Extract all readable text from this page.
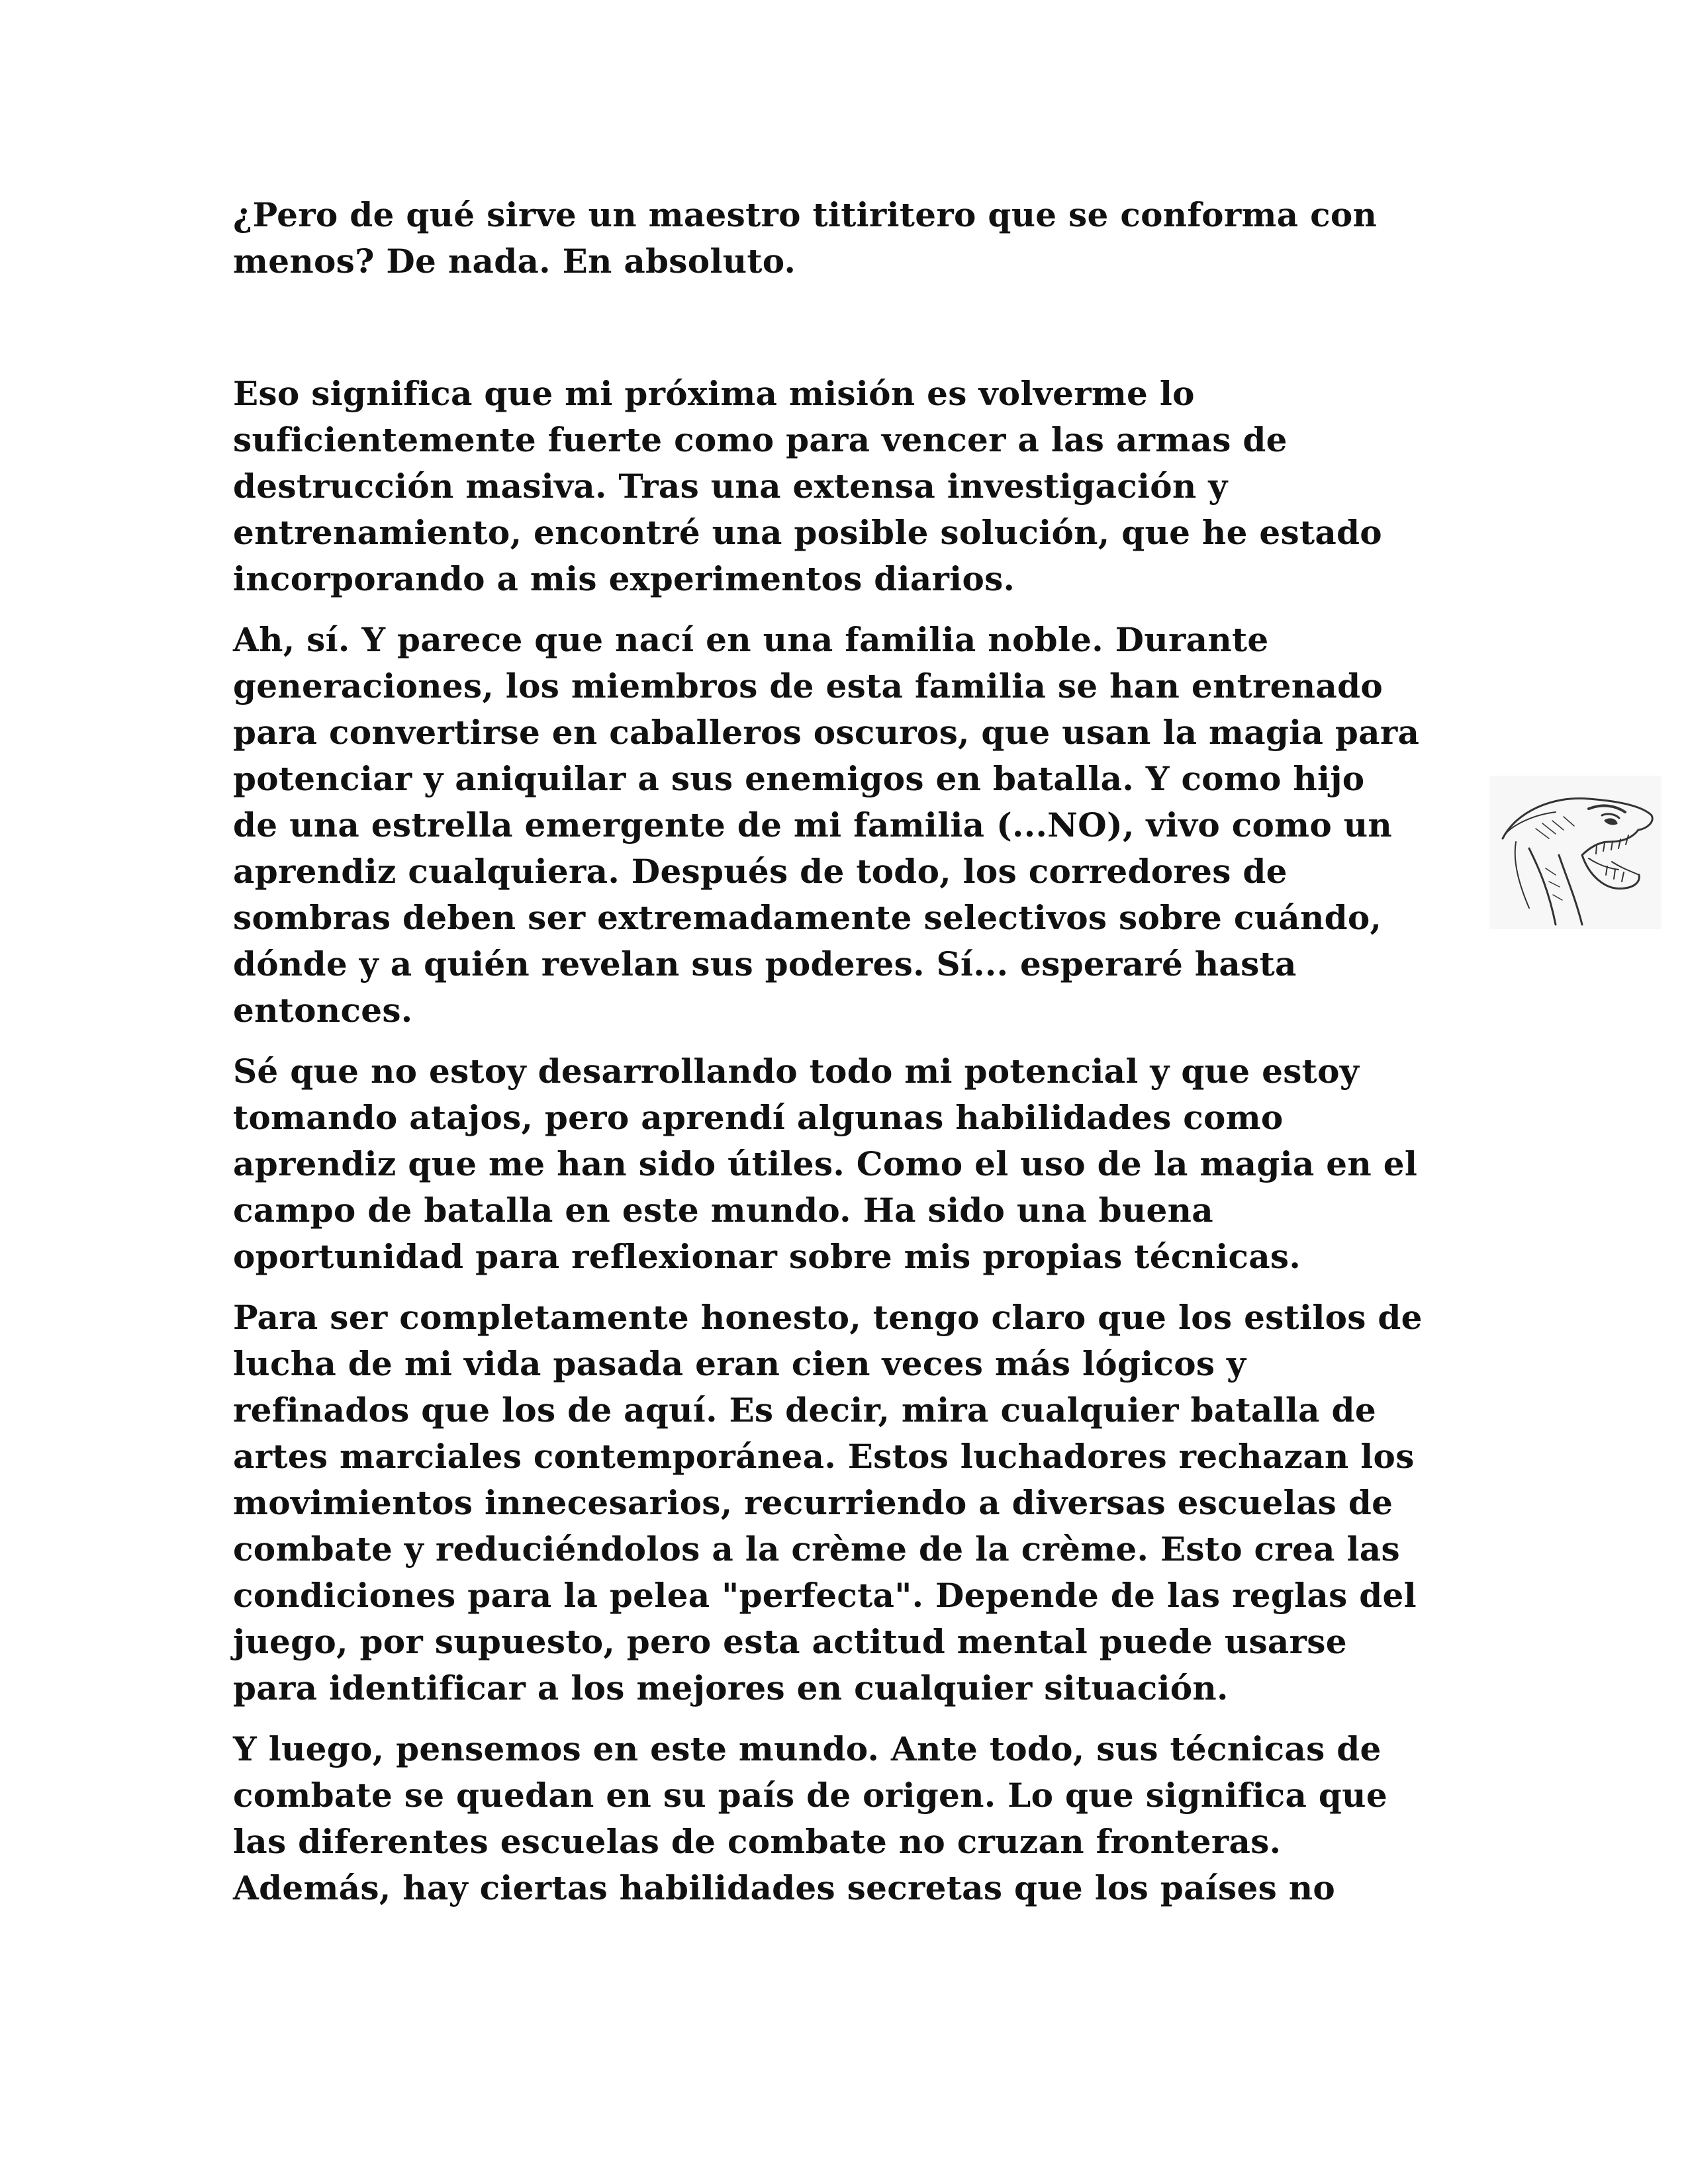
¿Pero de qué sirve un maestro titiritero que se conforma con
menos? De nada. En absoluto.

Eso significa que mi próxima misión es volverme lo
suficientemente fuerte como para vencer a las armas de
destrucción masiva. Tras una extensa investigación y
entrenamiento, encontré una posible solución, que he estado
incorporando a mis experimentos diarios.

Ah, sí. Y parece que nací en una familia noble. Durante
generaciones, los miembros de esta familia se han entrenado
para convertirse en caballeros oscuros, que usan la magia para
potenciar y aniquilar a sus enemigos en batalla. Y como hijo
de una estrella emergente de mi familia (...NO), vivo como un
aprendiz cualquiera. Después de todo, los corredores de
sombras deben ser extremadamente selectivos sobre cuándo,
dónde y a quién revelan sus poderes. Sí... esperaré hasta
entonces.

Sé que no estoy desarrollando todo mi potencial y que estoy
tomando atajos, pero aprendí algunas habilidades como
aprendiz que me han sido útiles. Como el uso de la magia en el
campo de batalla en este mundo. Ha sido una buena
oportunidad para reflexionar sobre mis propias técnicas.

Para ser completamente honesto, tengo claro que los estilos de
lucha de mi vida pasada eran cien veces más lógicos y
refinados que los de aquí. Es decir, mira cualquier batalla de
artes marciales contemporánea. Estos luchadores rechazan los
movimientos innecesarios, recurriendo a diversas escuelas de
combate y reduciéndolos a la crème de la crème. Esto crea las
condiciones para la pelea "perfecta". Depende de las reglas del
juego, por supuesto, pero esta actitud mental puede usarse
para identificar a los mejores en cualquier situación.

Y luego, pensemos en este mundo. Ante todo, sus técnicas de
combate se quedan en su país de origen. Lo que significa que
las diferentes escuelas de combate no cruzan fronteras.
Además, hay ciertas habilidades secretas que los países no
